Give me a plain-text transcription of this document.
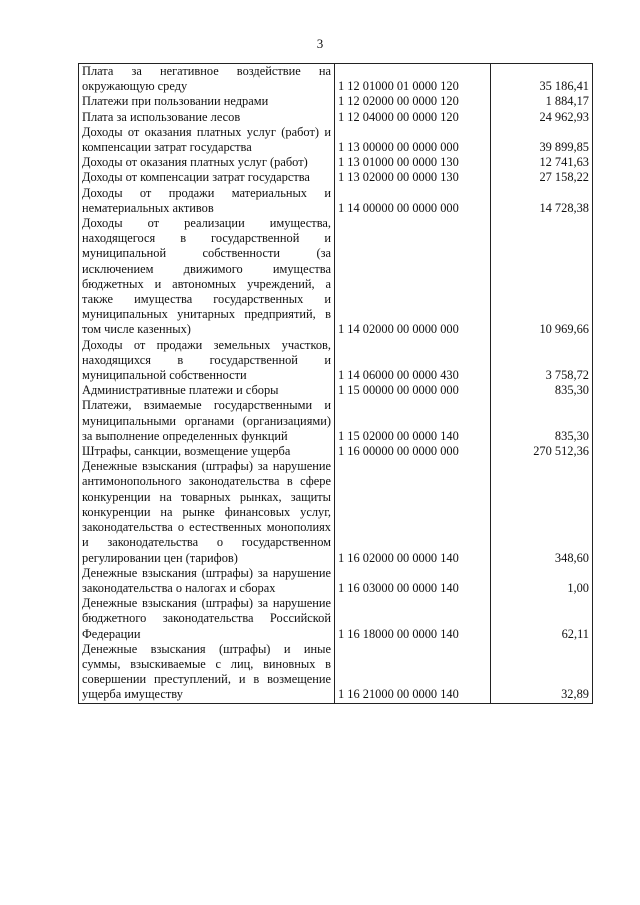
3
Плата за негативное воздействие на окружающую среду	1 12 01000 01 0000 120	35 186,41
Платежи при пользовании недрами	1 12 02000 00 0000 120	1 884,17
Плата за использование лесов	1 12 04000 00 0000 120	24 962,93
Доходы от оказания платных услуг (работ) и компенсации затрат государства	1 13 00000 00 0000 000	39 899,85
Доходы от оказания платных услуг (работ)	1 13 01000 00 0000 130	12 741,63
Доходы от компенсации затрат государства	1 13 02000 00 0000 130	27 158,22
Доходы от продажи материальных и нематериальных активов	1 14 00000 00 0000 000	14 728,38
Доходы от реализации имущества, находящегося в государственной и муниципальной собственности (за исключением движимого имущества бюджетных и автономных учреждений, а также имущества государственных и муниципальных унитарных предприятий, в том числе казенных)	1 14 02000 00 0000 000	10 969,66
Доходы от продажи земельных участков, находящихся в государственной и муниципальной собственности	1 14 06000 00 0000 430	3 758,72
Административные платежи и сборы	1 15 00000 00 0000 000	835,30
Платежи, взимаемые государственными и муниципальными органами (организациями) за выполнение определенных функций	1 15 02000 00 0000 140	835,30
Штрафы, санкции, возмещение ущерба	1 16 00000 00 0000 000	270 512,36
Денежные взыскания (штрафы) за нарушение антимонопольного законодательства в сфере конкуренции на товарных рынках, защиты конкуренции на рынке финансовых услуг, законодательства о естественных монополиях и законодательства о государственном регулировании цен (тарифов)	1 16 02000 00 0000 140	348,60
Денежные взыскания (штрафы) за нарушение законодательства о налогах и сборах	1 16 03000 00 0000 140	1,00
Денежные взыскания (штрафы) за нарушение бюджетного законодательства Российской Федерации	1 16 18000 00 0000 140	62,11
Денежные взыскания (штрафы) и иные суммы, взыскиваемые с лиц, виновных в совершении преступлений, и в возмещение ущерба имуществу	1 16 21000 00 0000 140	32,89
